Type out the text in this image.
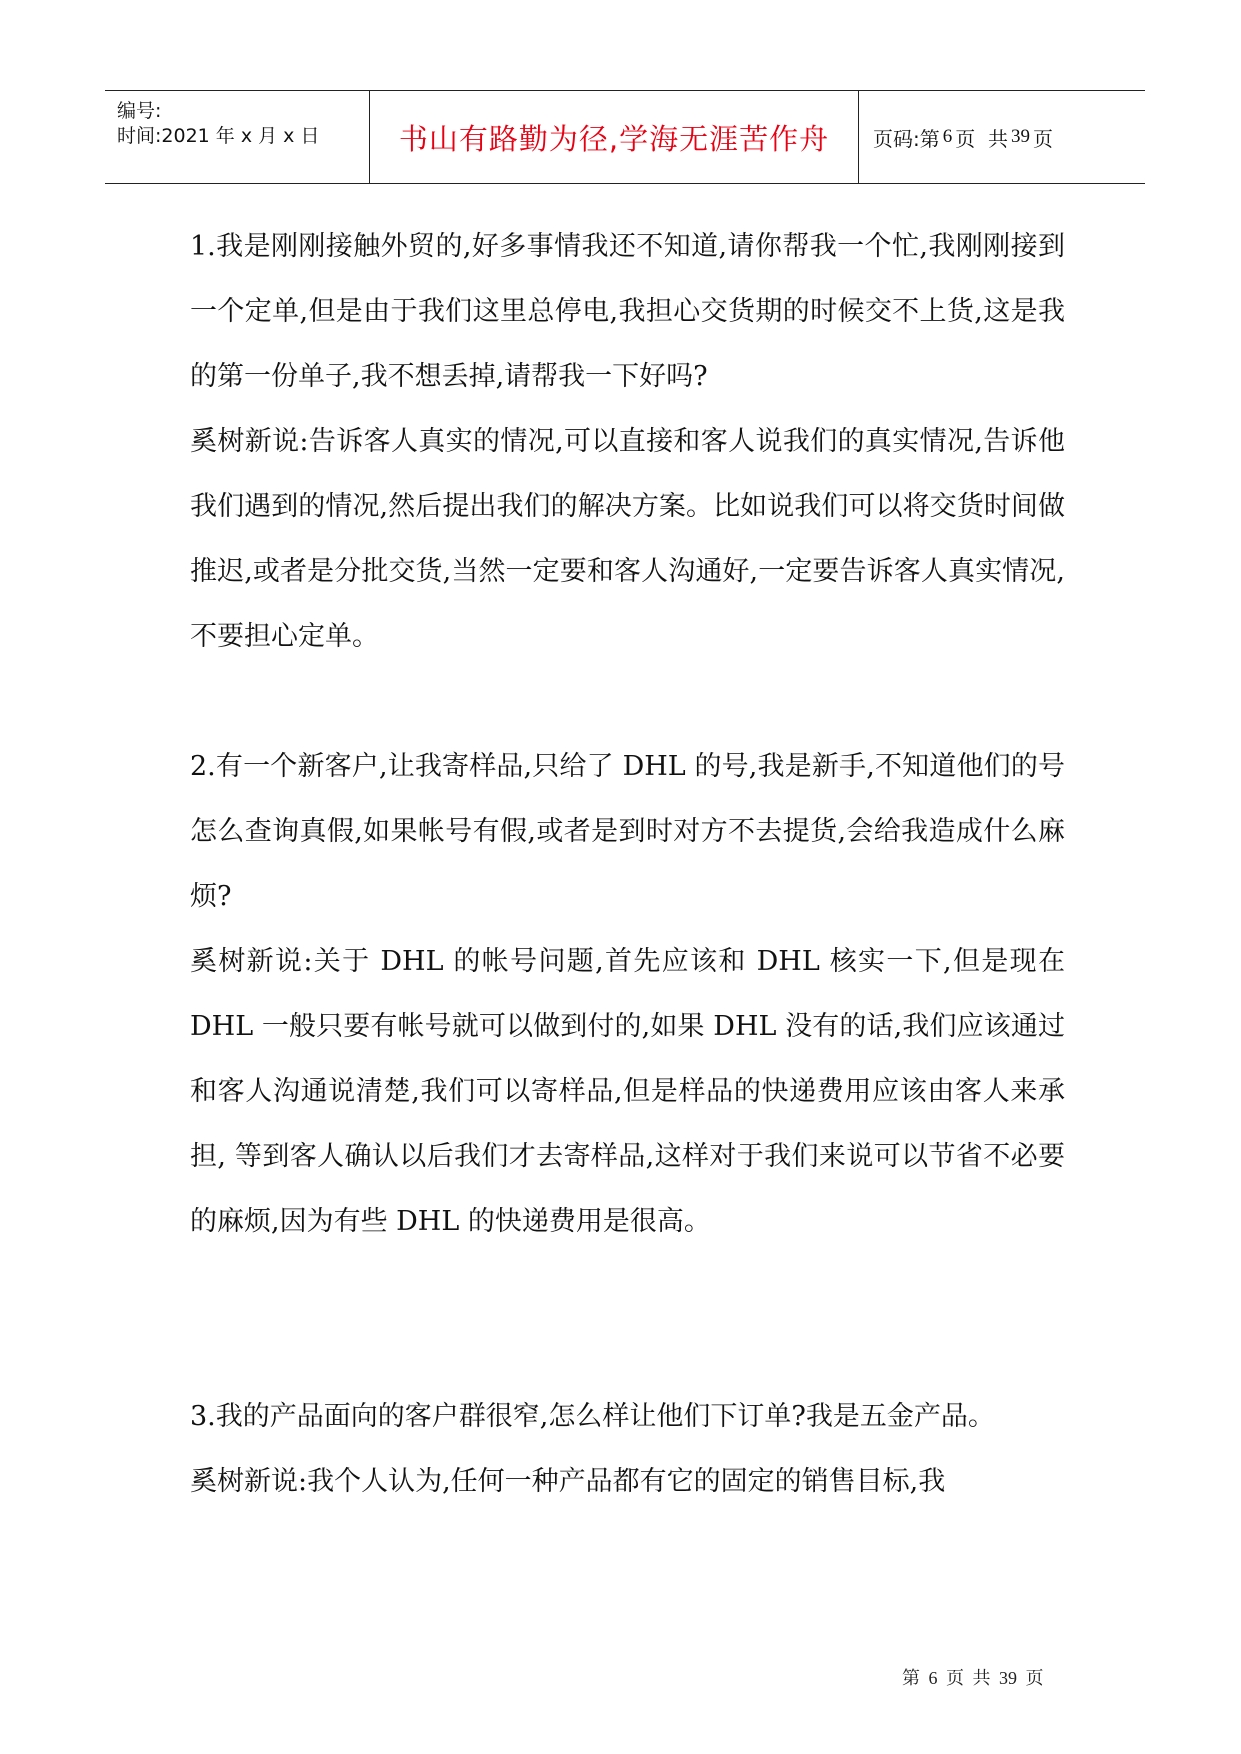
编号:
时间:2021 年 x 月 x 日	书山有路勤为径,学海无涯苦作舟	页码:第 6 页  共 39 页

1.我是刚刚接触外贸的,好多事情我还不知道,请你帮我一个忙,我刚刚接到一个定单,但是由于我们这里总停电,我担心交货期的时候交不上货,这是我的第一份单子,我不想丢掉,请帮我一下好吗?

奚树新说:告诉客人真实的情况,可以直接和客人说我们的真实情况,告诉他我们遇到的情况,然后提出我们的解决方案。比如说我们可以将交货时间做推迟,或者是分批交货,当然一定要和客人沟通好,一定要告诉客人真实情况,不要担心定单。

2.有一个新客户,让我寄样品,只给了 DHL 的号,我是新手,不知道他们的号怎么查询真假,如果帐号有假,或者是到时对方不去提货,会给我造成什么麻烦?

奚树新说:关于 DHL 的帐号问题,首先应该和 DHL 核实一下,但是现在 DHL 一般只要有帐号就可以做到付的,如果 DHL 没有的话,我们应该通过和客人沟通说清楚,我们可以寄样品,但是样品的快递费用应该由客人来承担, 等到客人确认以后我们才去寄样品,这样对于我们来说可以节省不必要的麻烦,因为有些 DHL 的快递费用是很高。

3.我的产品面向的客户群很窄,怎么样让他们下订单?我是五金产品。

奚树新说:我个人认为,任何一种产品都有它的固定的销售目标,我

第 6 页 共 39 页
